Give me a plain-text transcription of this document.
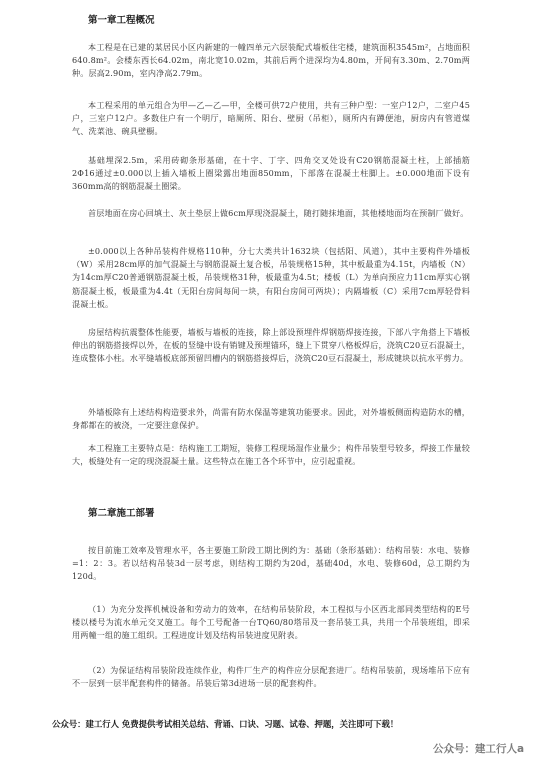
第一章工程概况

本工程是在已建的某居民小区内新建的一幢四单元六层装配式墙板住宅楼，建筑面积3545m²，占地面积640.8m²。会楼东西长64.02m，南北宽10.02m，其前后两个进深均为4.80m，开间有3.30m、2.70m两种。层高2.90m，室内净高2.79m。

本工程采用的单元组合为甲—乙—乙—甲，全楼可供72户使用，共有三种户型：一室户12户，二室户45户，三室户12户。多数住户有一个明厅，暗厕所、阳台、壁厨（吊柜），厕所内有蹲便池，厨房内有管道煤气、洗菜池、碗具壁橱。

基础埋深2.5m，采用砖砌条形基础，在十字、丁字、四角交叉处设有C20钢筋混凝土柱，上部插筋2Φ16通过±0.000以上插入墙板上圈梁露出地面850mm，下部落在混凝土柱脚上。±0.000地面下设有360mm高的钢筋混凝土圈梁。

首层地面在房心回填土、灰土垫层上做6cm厚现浇混凝土，随打随抹地面，其他楼地面均在预制厂做好。

±0.000以上各种吊装构件规格110种，分七大类共计1632块（包括阳、风道），其中主要构件外墙板（W）采用28cm厚的加气混凝土与钢筋混凝土复合板，吊装规格15种，其中板最重为4.15t，内墙板（N）为14cm厚C20普通钢筋混凝土板，吊装规格31种，板最重为4.5t；楼板（L）为单向预应力11cm厚实心钢筋混凝土板，板最重为4.4t（无阳台房间每间一块，有阳台房间可两块）；内隔墙板（C）采用7cm厚轻骨料混凝土板。

房屋结构抗震整体性能要，墙板与墙板的连接，除上部设预埋件焊钢筋焊接连接，下部八字角搭上下墙板伸出的钢筋搭接焊以外，在板的竖缝中设有销键及预埋锚环，缝上下贯穿八格板焊后，浇筑C20豆石混凝土，连成整体小柱。水平缝墙板底部预留凹槽内的钢筋搭接焊后，浇筑C20豆石混凝土，形成键块以抗水平剪力。

外墙板除有上述结构构造要求外，尚需有防水保温等建筑功能要求。因此，对外墙板侧面构造防水的槽，身都都在的被浇，一定要注意保护。

本工程施工主要特点是：结构施工工期短，装修工程现场湿作业量少；构件吊装型号较多，焊接工作量较大，板缝处有一定的现浇混凝土量。这些特点在施工各个环节中，应引起重视。

第二章施工部署

按目前施工效率及管理水平，各主要施工阶段工期比例约为：基础（条形基础）：结构吊装：水电、装修=1：2：3。若以结构吊装3d一层考虑，则结构工期约为20d，基础40d，水电、装修60d，总工期约为120d。

（1）为充分发挥机械设备和劳动力的效率，在结构吊装阶段，本工程拟与小区西北部同类型结构的E号楼以楼号为流水单元交叉施工。每个工号配备一台TQ60/80塔吊及一套吊装工具，共用一个吊装班组，即采用两幢一组的施工组织。工程进度计划及结构吊装进度见附表。

（2）为保证结构吊装阶段连续作业，构件厂生产的构件应分层配套进厂。结构吊装前，现场堆吊下应有不一层到一层半配套构件的储备。吊装后第3d进场一层的配套构件。

公众号：建工行人 免费提供考试相关总结、背诵、口诀、习题、试卷、押题，关注即可下载！
公众号：建工行人a
